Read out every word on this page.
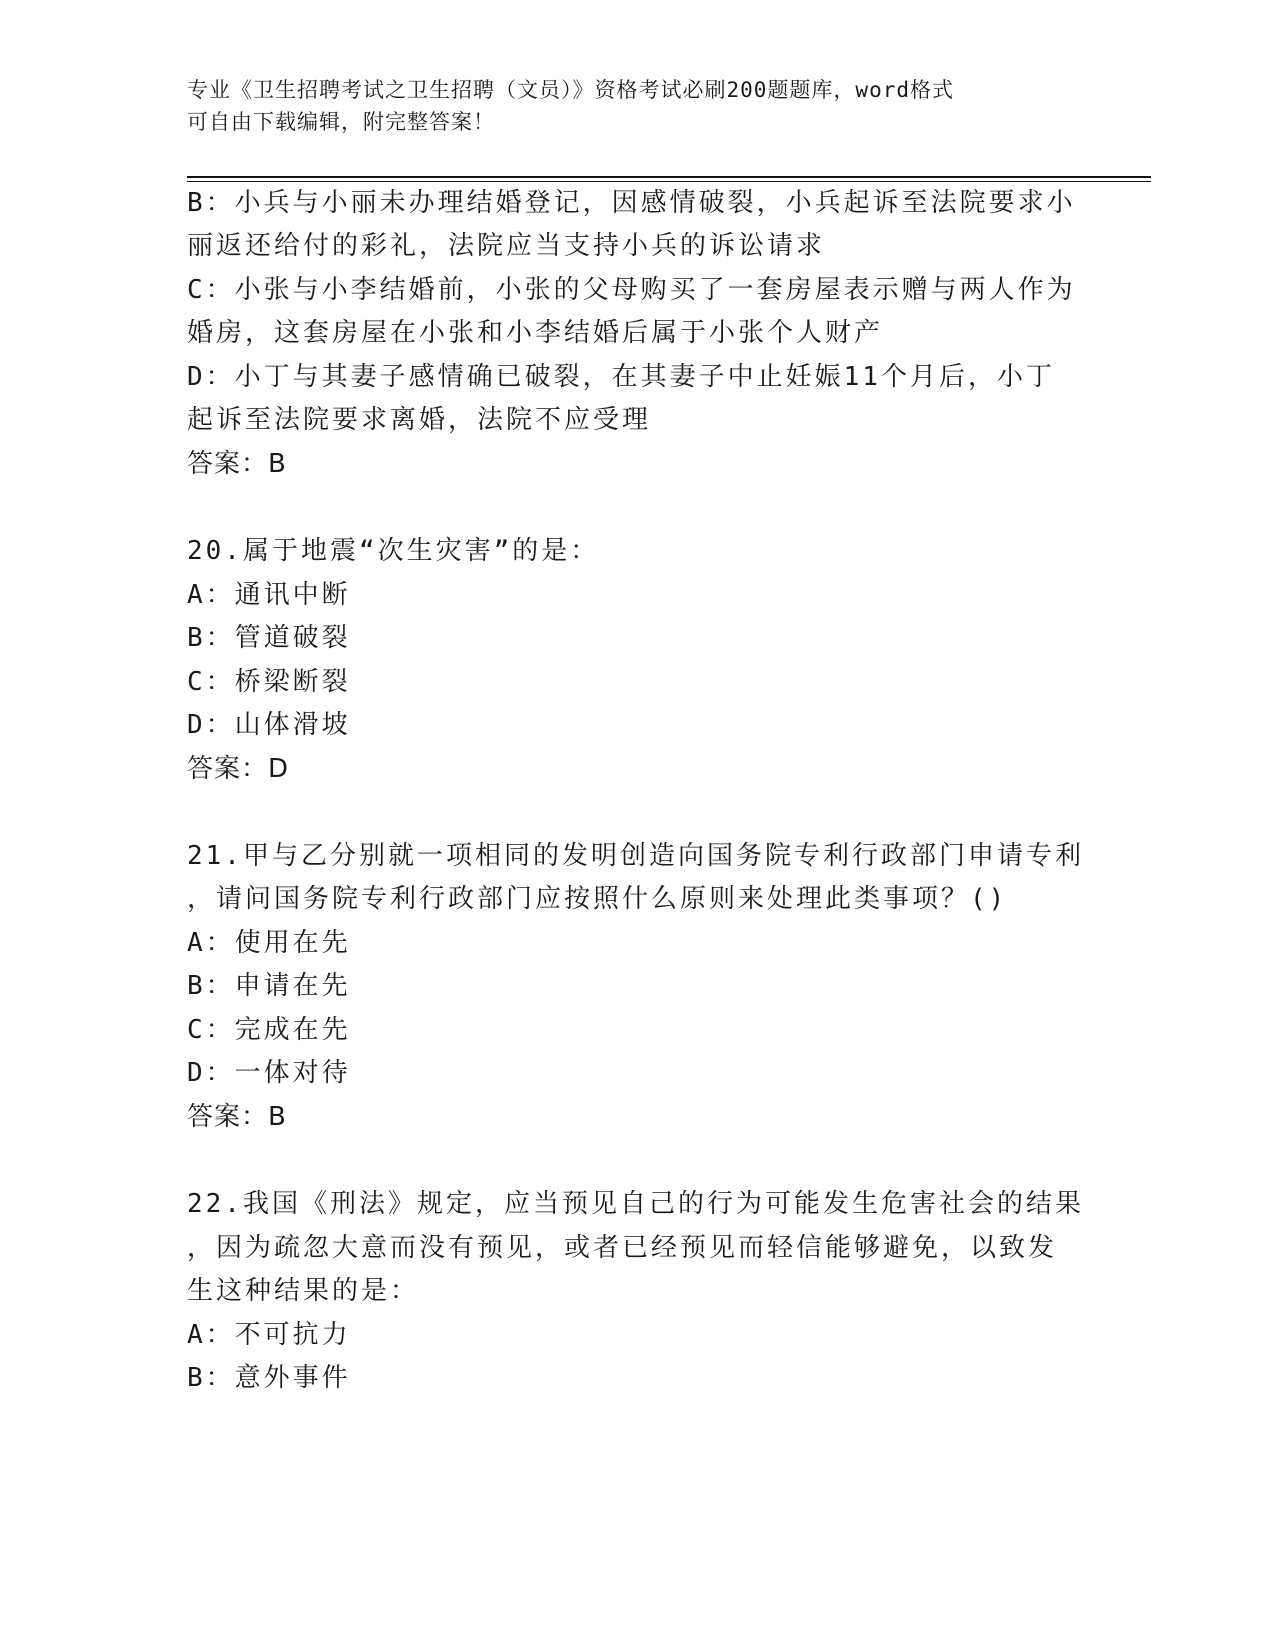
专业《卫生招聘考试之卫生招聘（文员）》资格考试必刷200题题库，word格式
可自由下载编辑，附完整答案！
B：小兵与小丽未办理结婚登记，因感情破裂，小兵起诉至法院要求小
丽返还给付的彩礼，法院应当支持小兵的诉讼请求
C：小张与小李结婚前，小张的父母购买了一套房屋表示赠与两人作为
婚房，这套房屋在小张和小李结婚后属于小张个人财产
D：小丁与其妻子感情确已破裂，在其妻子中止妊娠11个月后，小丁
起诉至法院要求离婚，法院不应受理
答案：B
20.属于地震“次生灾害”的是：
A：通讯中断
B：管道破裂
C：桥梁断裂
D：山体滑坡
答案：D
21.甲与乙分别就一项相同的发明创造向国务院专利行政部门申请专利
，请问国务院专利行政部门应按照什么原则来处理此类事项？()
A：使用在先
B：申请在先
C：完成在先
D：一体对待
答案：B
22.我国《刑法》规定，应当预见自己的行为可能发生危害社会的结果
，因为疏忽大意而没有预见，或者已经预见而轻信能够避免，以致发
生这种结果的是：
A：不可抗力
B：意外事件
